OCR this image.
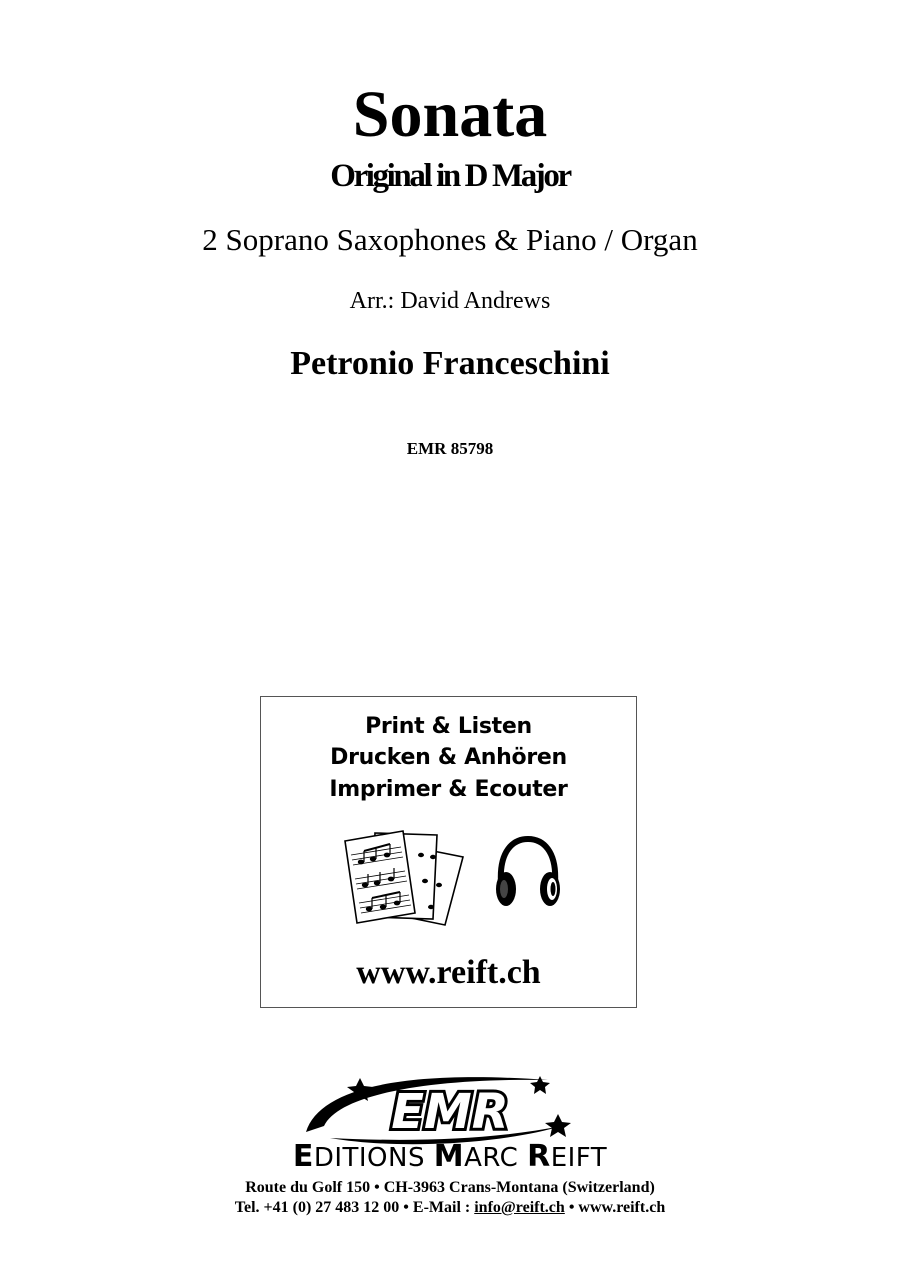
Sonata
Original in D Major
2 Soprano Saxophones & Piano / Organ
Arr.: David Andrews
Petronio Franceschini
EMR 85798
Print & Listen
Drucken & Anhören
Imprimer & Ecouter
www.reift.ch
EMR
EDITIONS MARC REIFT
Route du Golf 150 • CH-3963 Crans-Montana (Switzerland)
Tel. +41 (0) 27 483 12 00 • E-Mail : info@reift.ch • www.reift.ch
